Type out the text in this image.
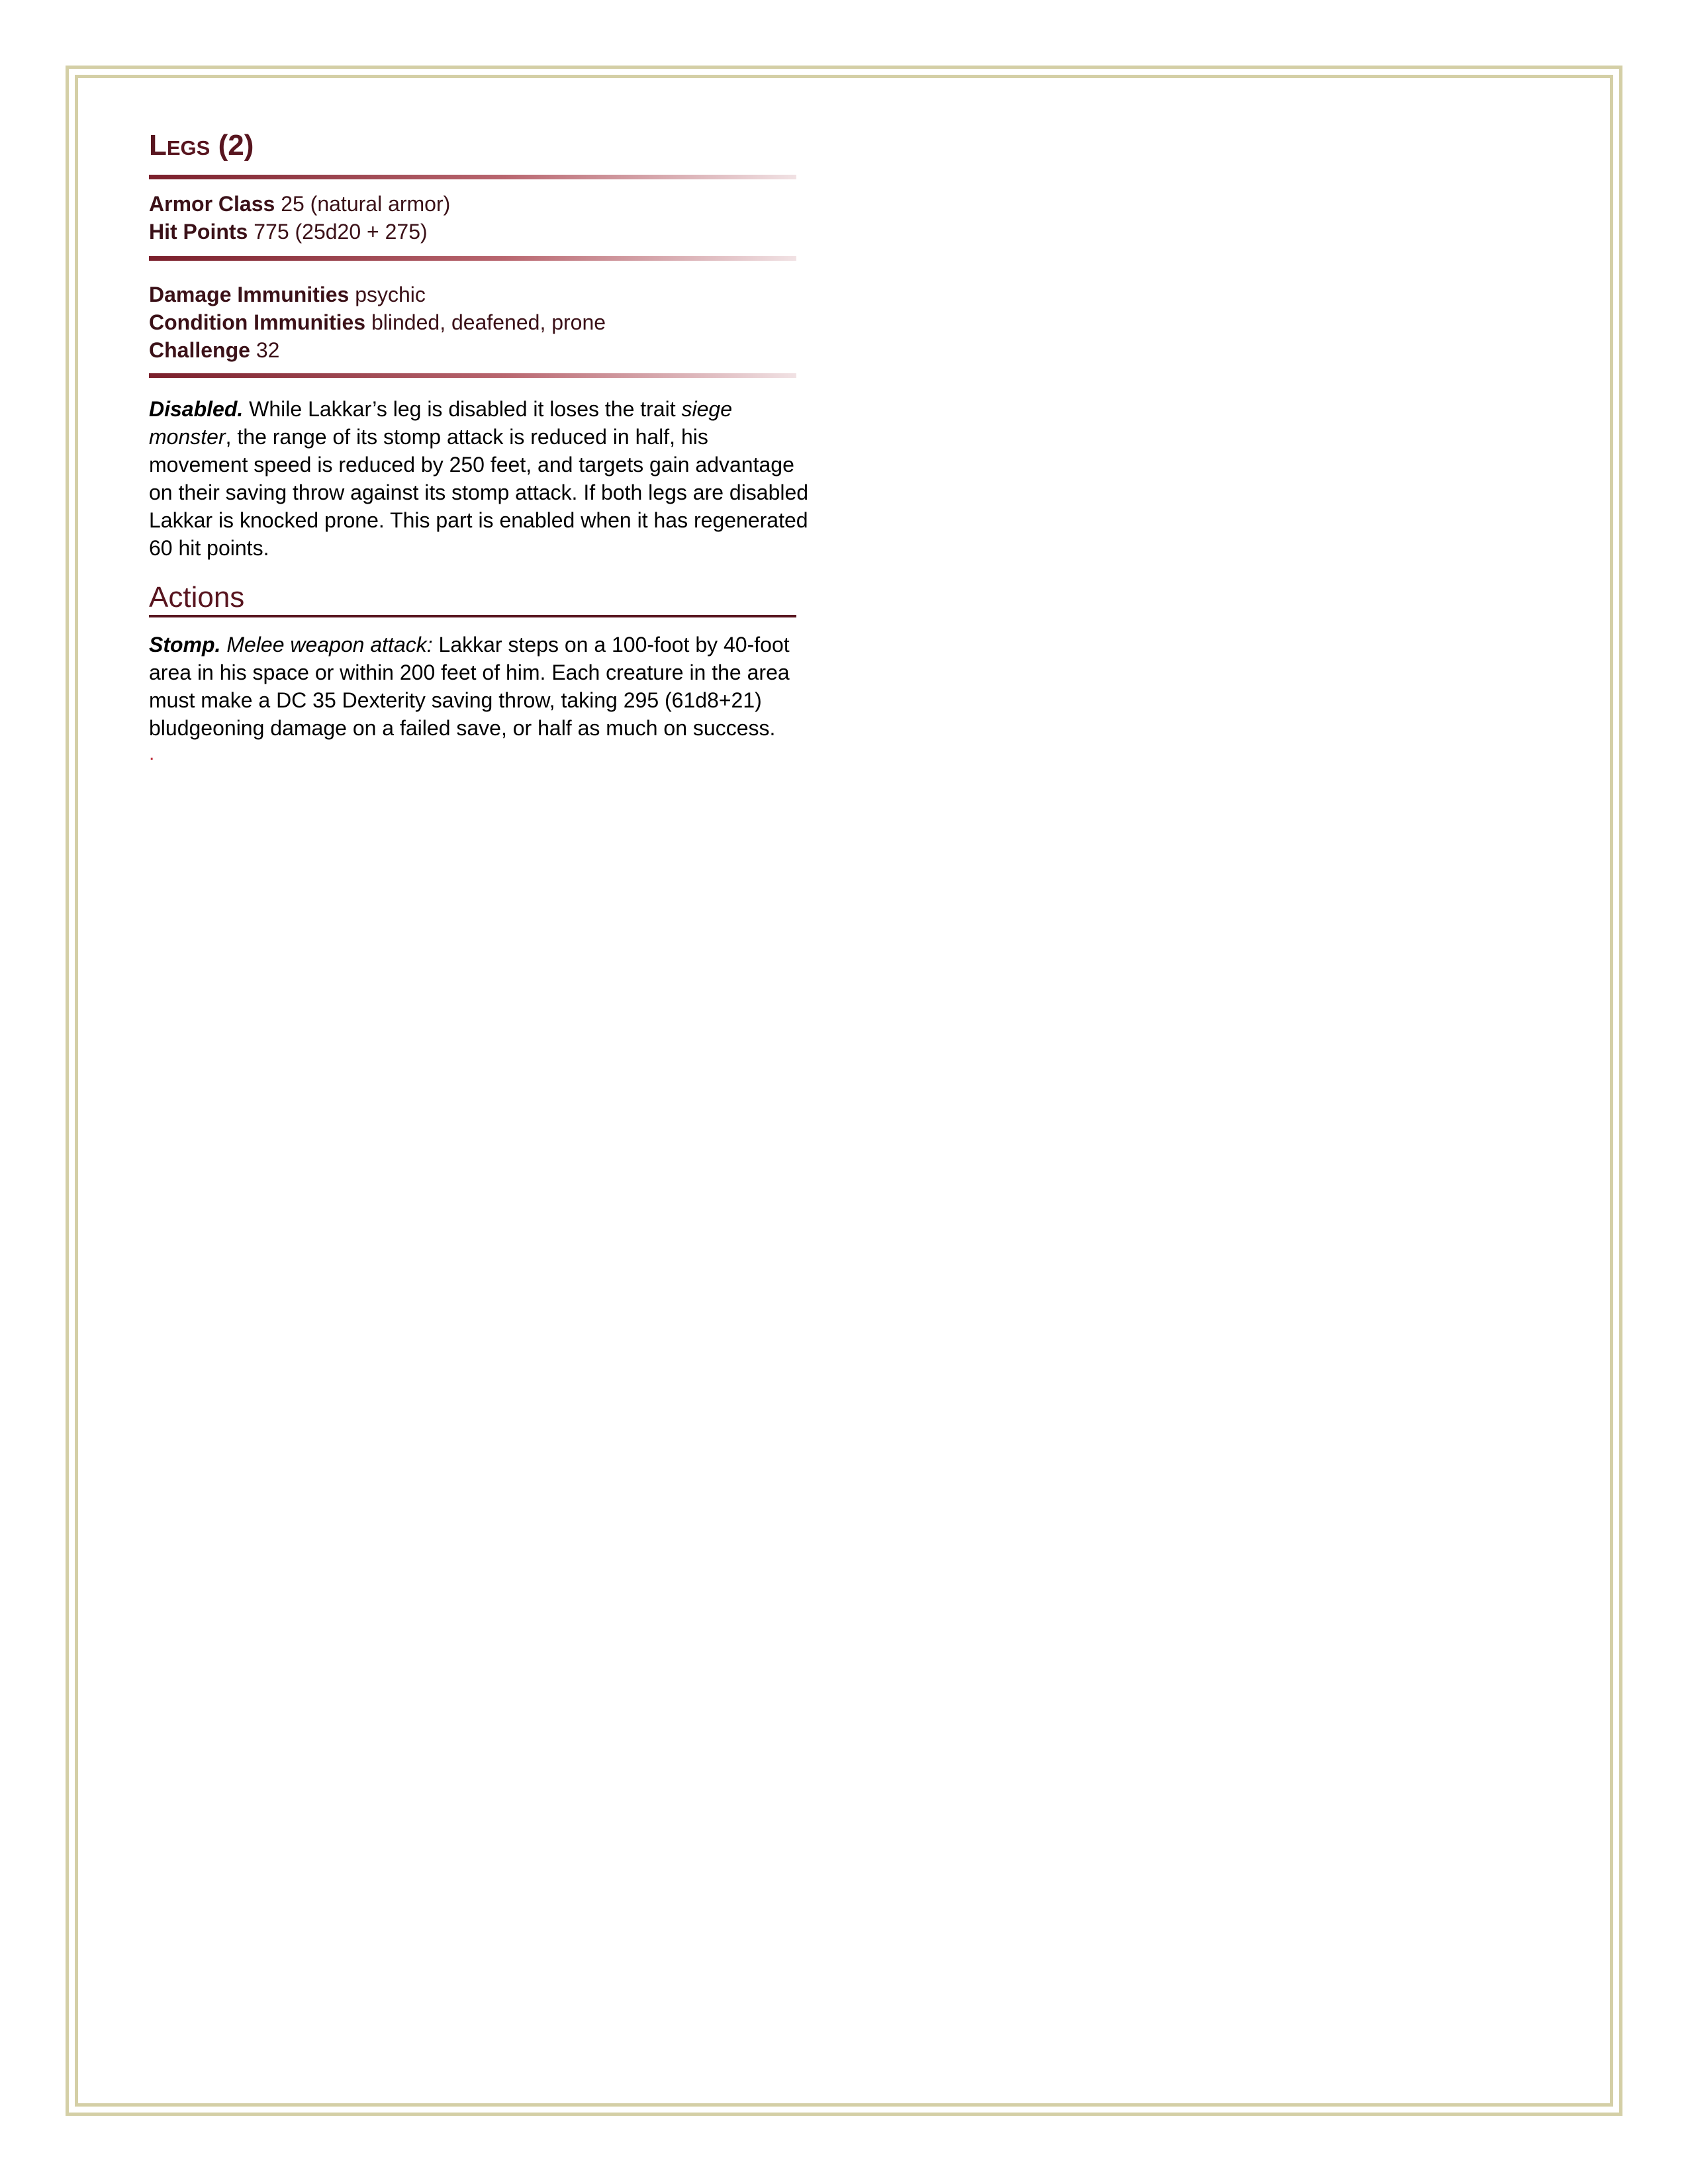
Legs (2)
Armor Class 25 (natural armor)
Hit Points 775 (25d20 + 275)
Damage Immunities psychic
Condition Immunities blinded, deafened, prone
Challenge 32
Disabled. While Lakkar’s leg is disabled it loses the trait siege monster, the range of its stomp attack is reduced in half, his movement speed is reduced by 250 feet, and targets gain advantage on their saving throw against its stomp attack. If both legs are disabled Lakkar is knocked prone. This part is enabled when it has regenerated 60 hit points.
Actions
Stomp. Melee weapon attack: Lakkar steps on a 100-foot by 40-foot area in his space or within 200 feet of him. Each creature in the area must make a DC 35 Dexterity saving throw, taking 295 (61d8+21) bludgeoning damage on a failed save, or half as much on success.
.
